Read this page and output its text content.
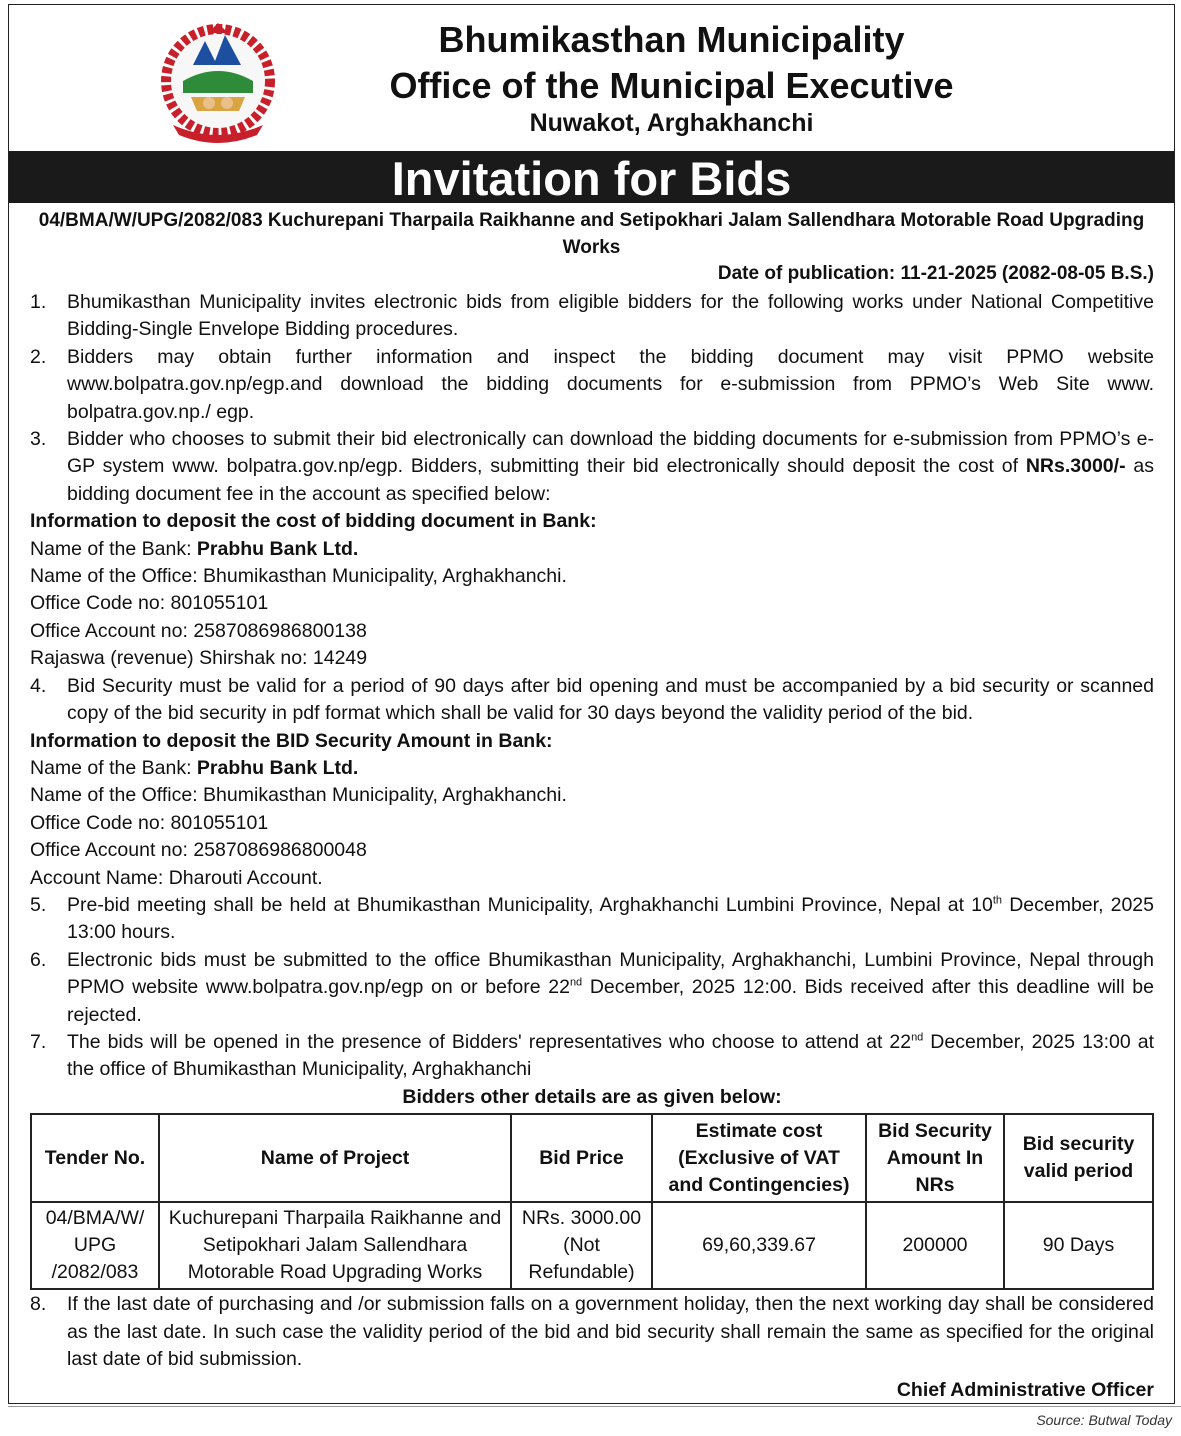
Bhumikasthan Municipality

Office of the Municipal Executive

Nuwakot, Arghakhanchi

Invitation for Bids
04/BMA/W/UPG/2082/083 Kuchurepani Tharpaila Raikhanne and Setipokhari Jalam Sallendhara Motorable Road Upgrading Works
Date of publication: 11-21-2025 (2082-08-05 B.S.)
1.	Bhumikasthan Municipality invites electronic bids from eligible bidders for the following works under National Competitive Bidding-Single Envelope Bidding procedures.
2.	Bidders may obtain further information and inspect the bidding document may visit PPMO website www.bolpatra.gov.np/egp.and download the bidding documents for e-submission from PPMO’s Web Site www. bolpatra.gov.np./ egp.
3.	Bidder who chooses to submit their bid electronically can download the bidding documents for e-submission from PPMO’s e-GP system www. bolpatra.gov.np/egp. Bidders, submitting their bid electronically should deposit the cost of NRs.3000/- as bidding document fee in the account as specified below:

Information to deposit the cost of bidding document in Bank:

Name of the Bank: Prabhu Bank Ltd.

Name of the Office: Bhumikasthan Municipality, Arghakhanchi.

Office Code no: 801055101

Office Account no: 2587086986800138

Rajaswa (revenue) Shirshak no: 14249

4.	Bid Security must be valid for a period of 90 days after bid opening and must be accompanied by a bid security or scanned copy of the bid security in pdf format which shall be valid for 30 days beyond the validity period of the bid.

Information to deposit the BID Security Amount in Bank:

Name of the Bank: Prabhu Bank Ltd.

Name of the Office: Bhumikasthan Municipality, Arghakhanchi.

Office Code no: 801055101

Office Account no: 2587086986800048

Account Name: Dharouti Account.

5.	Pre-bid meeting shall be held at Bhumikasthan Municipality, Arghakhanchi Lumbini Province, Nepal at 10th December, 2025 13:00 hours.
6.	Electronic bids must be submitted to the office Bhumikasthan Municipality, Arghakhanchi, Lumbini Province, Nepal through PPMO website www.bolpatra.gov.np/egp on or before 22nd December, 2025 12:00. Bids received after this deadline will be rejected.
7.	The bids will be opened in the presence of Bidders' representatives who choose to attend at 22nd December, 2025 13:00 at the office of Bhumikasthan Municipality, Arghakhanchi

Bidders other details are as given below:

Tender No.	Name of Project	Bid Price	Estimate cost (Exclusive of VAT and Contingencies)	Bid Security Amount In NRs	Bid security valid period
04/BMA/W/ UPG /2082/083	Kuchurepani Tharpaila Raikhanne and Setipokhari Jalam Sallendhara Motorable Road Upgrading Works	NRs. 3000.00 (Not Refundable)	69,60,339.67	200000	90 Days
8.	If the last date of purchasing and /or submission falls on a government holiday, then the next working day shall be considered as the last date. In such case the validity period of the bid and bid security shall remain the same as specified for the original last date of bid submission.

Chief Administrative Officer

Source: Butwal Today
